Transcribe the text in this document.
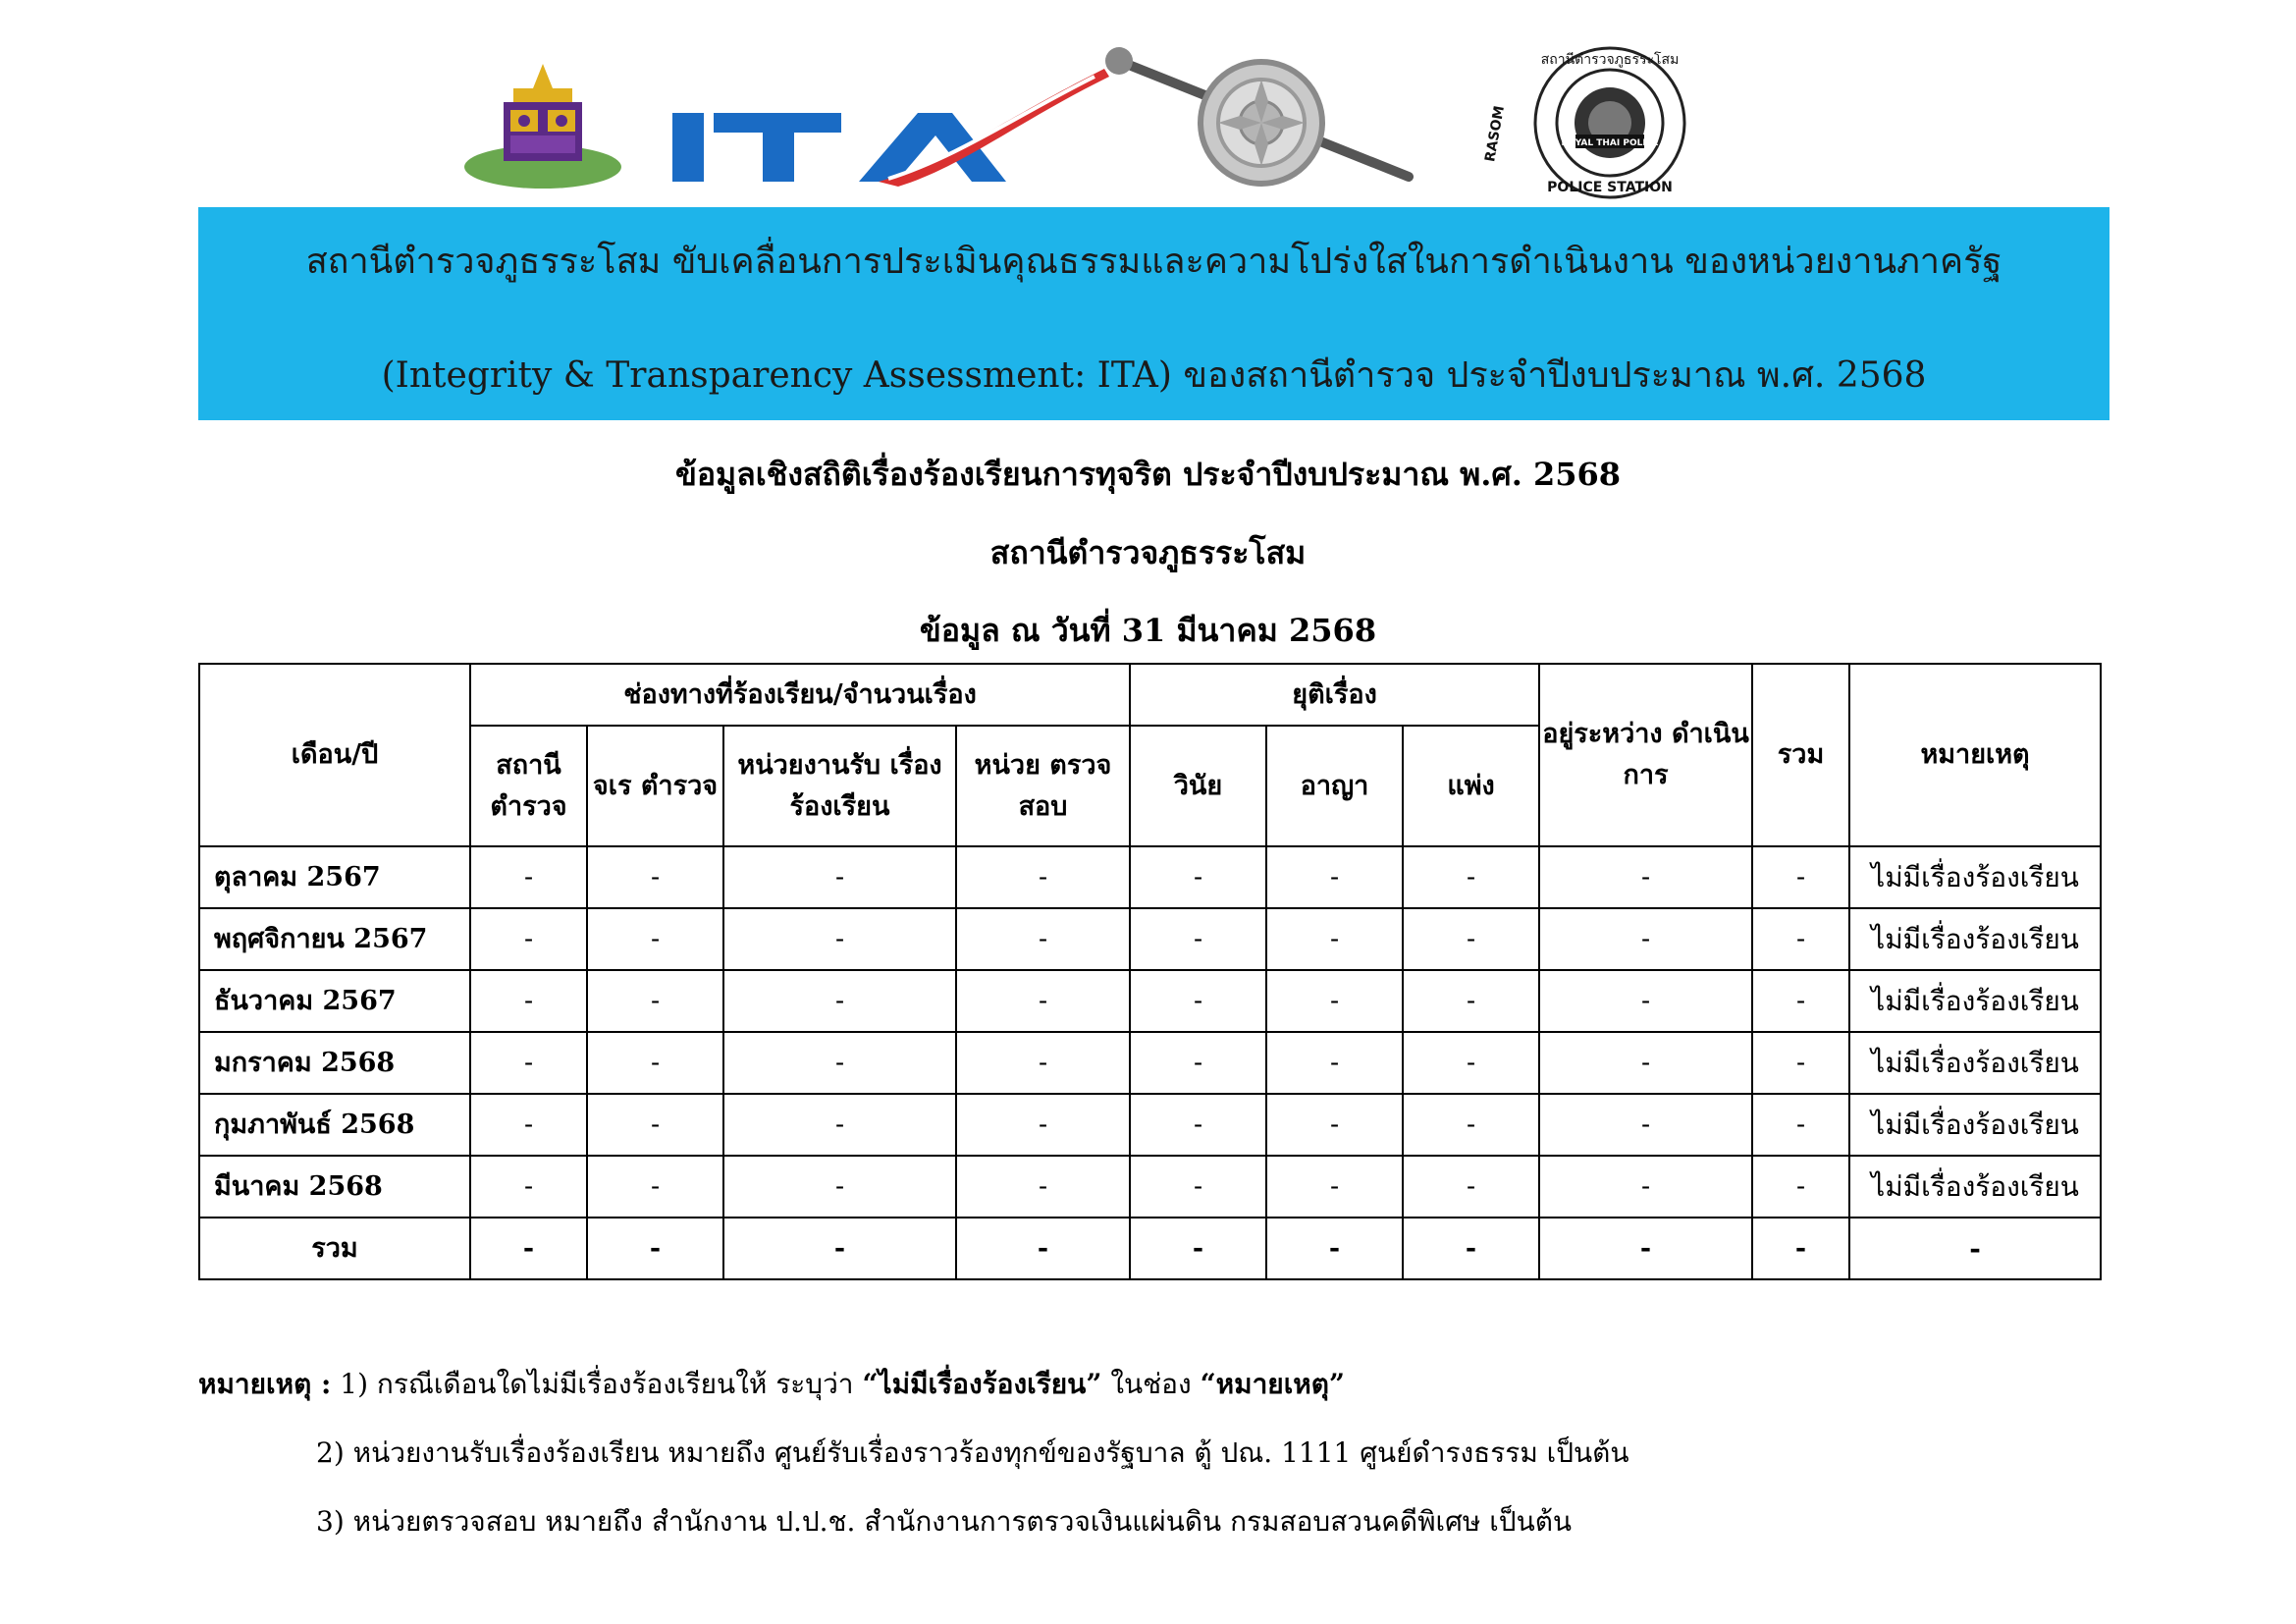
ROYAL THAI POLICE
สถานีตำรวจภูธรระโสม
POLICE STATION
RASOM
สถานีตำรวจภูธรระโสม ขับเคลื่อนการประเมินคุณธรรมและความโปร่งใสในการดำเนินงาน ของหน่วยงานภาครัฐ
(Integrity & Transparency Assessment: ITA) ของสถานีตำรวจ ประจำปีงบประมาณ พ.ศ. 2568
ข้อมูลเชิงสถิติเรื่องร้องเรียนการทุจริต ประจำปีงบประมาณ พ.ศ. 2568
สถานีตำรวจภูธรระโสม
ข้อมูล ณ วันที่ 31 มีนาคม 2568
เดือน/ปี	ช่องทางที่ร้องเรียน/จำนวนเรื่อง				ยุติเรื่อง			อยู่ระหว่าง ดำเนินการ	รวม	หมายเหตุ
	สถานี ตำรวจ	จเร ตำรวจ	หน่วยงานรับ เรื่องร้องเรียน	หน่วย ตรวจสอบ	วินัย	อาญา	แพ่ง			
ตุลาคม 2567	-	-	-	-	-	-	-	-	-	ไม่มีเรื่องร้องเรียน
พฤศจิกายน 2567	-	-	-	-	-	-	-	-	-	ไม่มีเรื่องร้องเรียน
ธันวาคม 2567	-	-	-	-	-	-	-	-	-	ไม่มีเรื่องร้องเรียน
มกราคม 2568	-	-	-	-	-	-	-	-	-	ไม่มีเรื่องร้องเรียน
กุมภาพันธ์ 2568	-	-	-	-	-	-	-	-	-	ไม่มีเรื่องร้องเรียน
มีนาคม 2568	-	-	-	-	-	-	-	-	-	ไม่มีเรื่องร้องเรียน
รวม	-	-	-	-	-	-	-	-	-	-
หมายเหตุ : 1) กรณีเดือนใดไม่มีเรื่องร้องเรียนให้ ระบุว่า “ไม่มีเรื่องร้องเรียน” ในช่อง “หมายเหตุ”
2) หน่วยงานรับเรื่องร้องเรียน หมายถึง ศูนย์รับเรื่องราวร้องทุกข์ของรัฐบาล ตู้ ปณ. 1111 ศูนย์ดำรงธรรม เป็นต้น
3) หน่วยตรวจสอบ หมายถึง สำนักงาน ป.ป.ช. สำนักงานการตรวจเงินแผ่นดิน กรมสอบสวนคดีพิเศษ เป็นต้น
